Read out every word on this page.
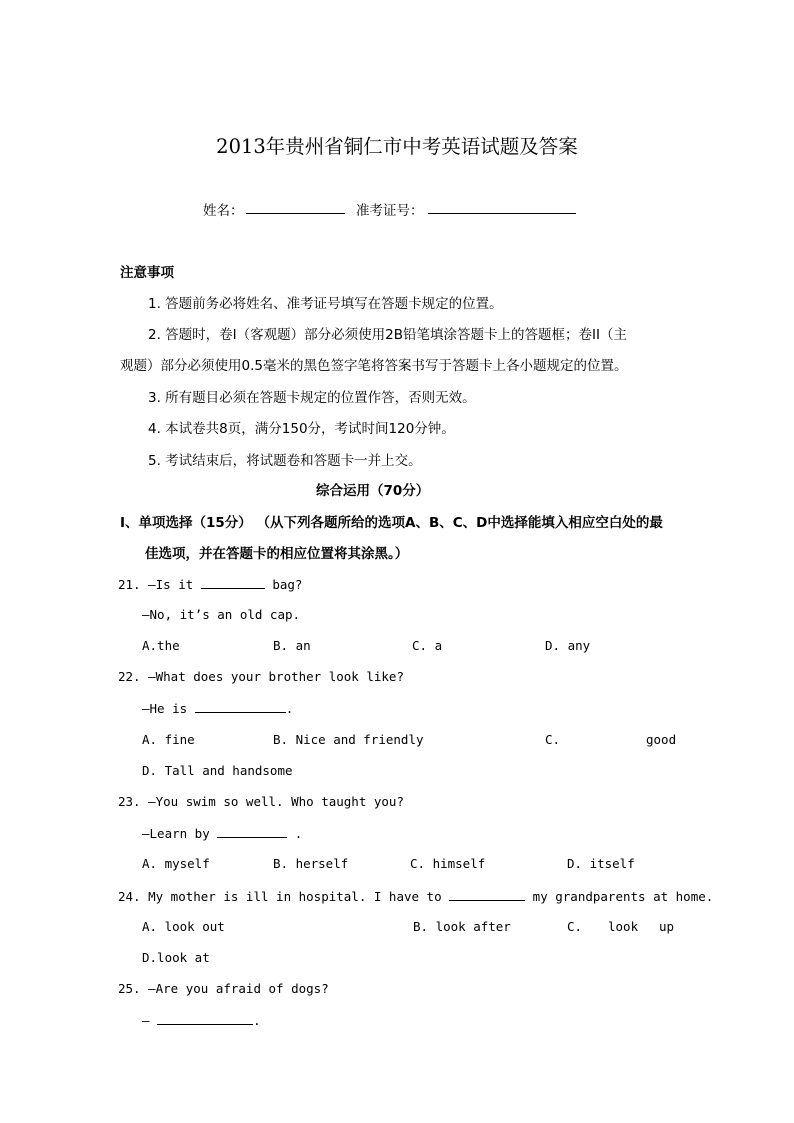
2013年贵州省铜仁市中考英语试题及答案
姓名：	准考证号：
注意事项
1. 答题前务必将姓名、准考证号填写在答题卡规定的位置。
2. 答题时，卷Ⅰ（客观题）部分必须使用2B铅笔填涂答题卡上的答题框；卷II（主
观题）部分必须使用0.5毫米的黑色签字笔将答案书写于答题卡上各小题规定的位置。
3. 所有题目必须在答题卡规定的位置作答，否则无效。
4. 本试卷共8页，满分150分，考试时间120分钟。
5. 考试结束后，将试题卷和答题卡一并上交。
综合运用（70分）
Ⅰ、单项选择（15分） （从下列各题所给的选项A、B、C、D中选择能填入相应空白处的最
佳选项，并在答题卡的相应位置将其涂黑。）
21. —Is it	bag?
—No, it’s an old cap.
A.the	B. an	C. a	D. any
22. —What does your brother look like?
—He is	.
A. fine	B. Nice and friendly	C.	good
D. Tall and handsome
23. —You swim so well. Who taught you?
—Learn by	.
A. myself	B. herself	C. himself	D. itself
24. My mother is ill in hospital. I have to	my grandparents at home.
A. look out	B. look after	C. look up
D.look at
25. —Are you afraid of dogs?
—	.
